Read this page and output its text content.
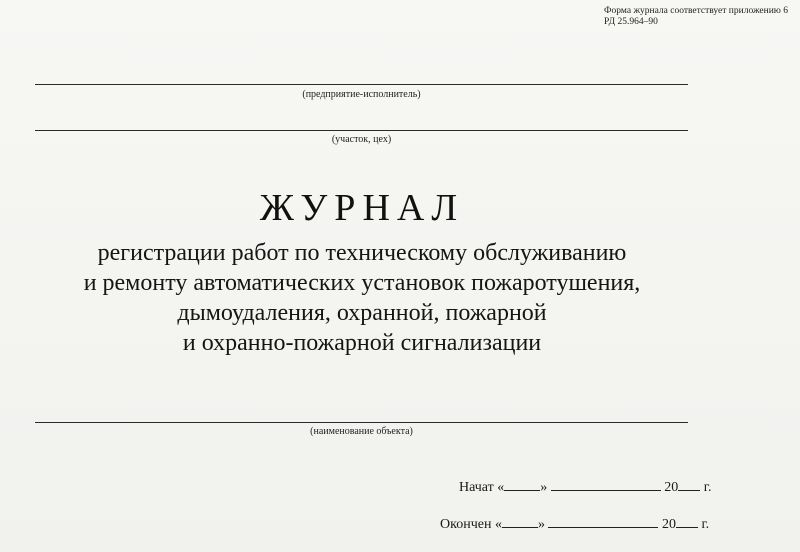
Форма журнала соответствует приложению 6
РД 25.964–90
(предприятие-исполнитель)
(участок, цех)
ЖУРНАЛ
регистрации работ по техническому обслуживанию
и ремонту автоматических установок пожаротушения,
дымоудаления, охранной, пожарной
и охранно-пожарной сигнализации
(наименование объекта)
Начат «	»	20 г.
Окончен «	»	20 г.
